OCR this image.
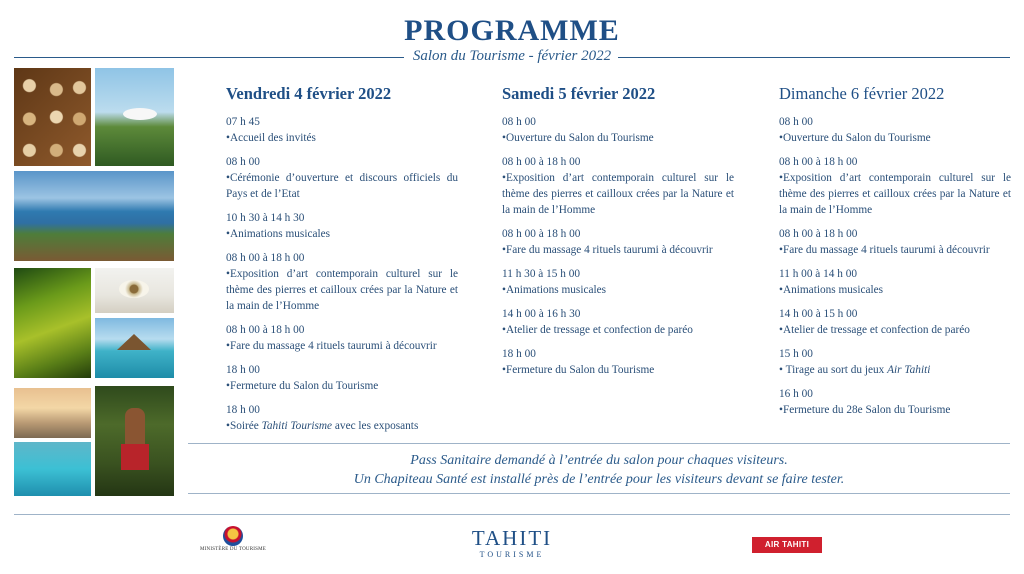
PROGRAMME
Salon du Tourisme - février 2022
Vendredi 4 février 2022
07 h 45
•Accueil des invités
08 h 00
•Cérémonie d’ouverture et discours officiels du Pays et de l’Etat
10 h 30 à 14 h 30
•Animations musicales
08 h 00 à 18 h 00
•Exposition d’art contemporain culturel sur le thème des pierres et cailloux crées par la Nature et la main de l’Homme
08 h 00 à 18 h 00
•Fare du massage 4 rituels taurumi à découvrir
18 h 00
•Fermeture du Salon du Tourisme
18 h 00
•Soirée Tahiti Tourisme avec les exposants
Samedi 5 février 2022
08 h 00
•Ouverture du Salon du Tourisme
08 h 00 à 18 h 00
•Exposition d’art contemporain culturel sur le thème des pierres et cailloux crées par la Nature et la main de l’Homme
08 h 00 à 18 h 00
•Fare du massage 4 rituels taurumi à découvrir
11 h 30 à 15 h 00
•Animations musicales
14 h 00 à 16 h 30
•Atelier de tressage et confection de paréo
18 h 00
•Fermeture du Salon du Tourisme
Dimanche 6 février 2022
08 h 00
•Ouverture du Salon du Tourisme
08 h 00 à 18 h 00
•Exposition d’art contemporain culturel sur le thème des pierres et cailloux crées par la Nature et la main de l’Homme
08 h 00 à 18 h 00
•Fare du massage 4 rituels taurumi à découvrir
11 h 00 à 14 h 00
•Animations musicales
14 h 00 à 15 h 00
•Atelier de tressage et confection de paréo
15 h 00
• Tirage au sort du jeux Air Tahiti
16 h 00
•Fermeture du 28e Salon du Tourisme
Pass Sanitaire demandé à l’entrée du salon pour chaques visiteurs.
Un Chapiteau Santé est installé près de l’entrée pour les visiteurs devant se faire tester.
MINISTÈRE DU TOURISME	TAHITI
TOURISME
AIR TAHITI
